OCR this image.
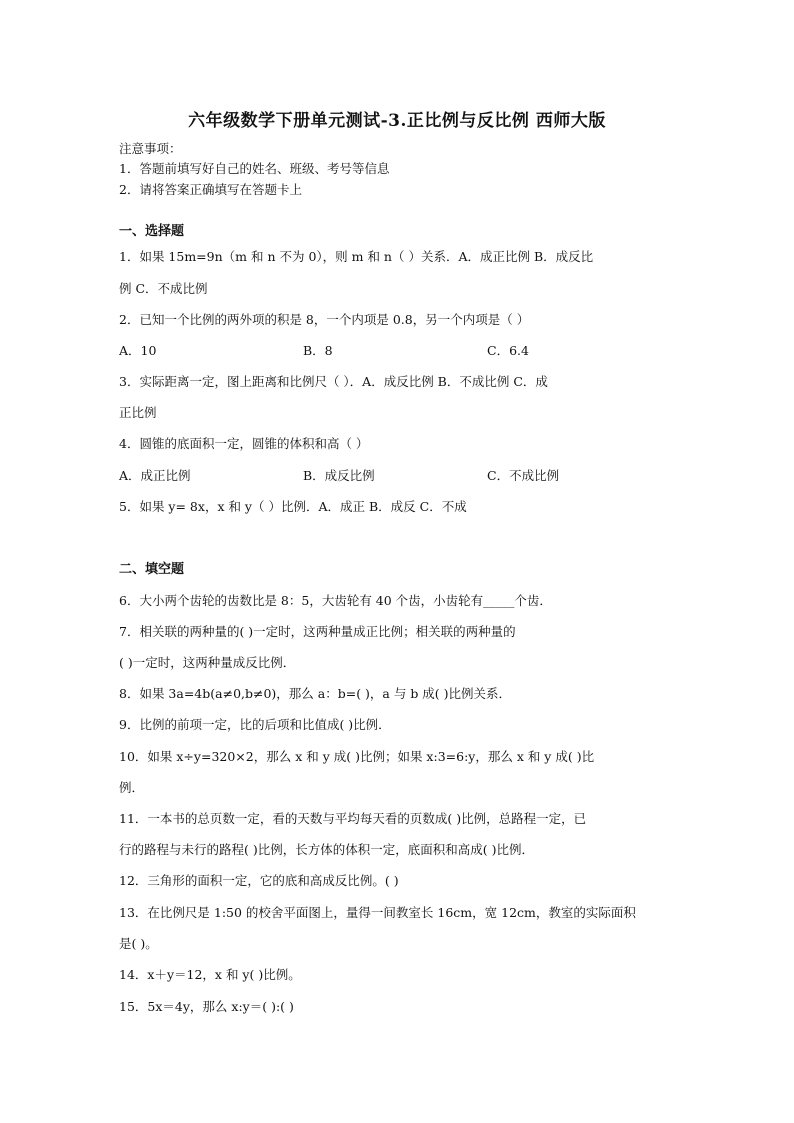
六年级数学下册单元测试-3.正比例与反比例 西师大版
注意事项：
1．答题前填写好自己的姓名、班级、考号等信息
2．请将答案正确填写在答题卡上
一、选择题
1．如果 15m=9n（m 和 n 不为 0），则 m 和 n（ ）关系．A．成正比例 B．成反比
例 C．不成比例
2．已知一个比例的两外项的积是 8，一个内项是 0.8，另一个内项是（ ）
A．10	B．8	C．6.4
3．实际距离一定，图上距离和比例尺（ ）．A．成反比例 B．不成比例 C．成
正比例
4．圆锥的底面积一定，圆锥的体积和高（ ）
A．成正比例	B．成反比例	C．不成比例
5．如果 y= 8x，x 和 y（ ）比例．A．成正 B．成反 C．不成
二、填空题
6．大小两个齿轮的齿数比是 8：5，大齿轮有 40 个齿，小齿轮有_____个齿．
7．相关联的两种量的( )一定时，这两种量成正比例；相关联的两种量的
( )一定时，这两种量成反比例．
8．如果 3a=4b(a≠0,b≠0)，那么 a：b=( )，a 与 b 成( )比例关系．
9．比例的前项一定，比的后项和比值成( )比例．
10．如果 x÷y=320×2，那么 x 和 y 成( )比例；如果 x:3=6:y，那么 x 和 y 成( )比
例．
11．一本书的总页数一定，看的天数与平均每天看的页数成( )比例，总路程一定，已
行的路程与未行的路程( )比例，长方体的体积一定，底面积和高成( )比例．
12．三角形的面积一定，它的底和高成反比例。( )
13．在比例尺是 1:50 的校舍平面图上，量得一间教室长 16cm，宽 12cm，教室的实际面积
是( )。
14．x＋y＝12，x 和 y( )比例。
15．5x＝4y，那么 x:y＝( ):( )
